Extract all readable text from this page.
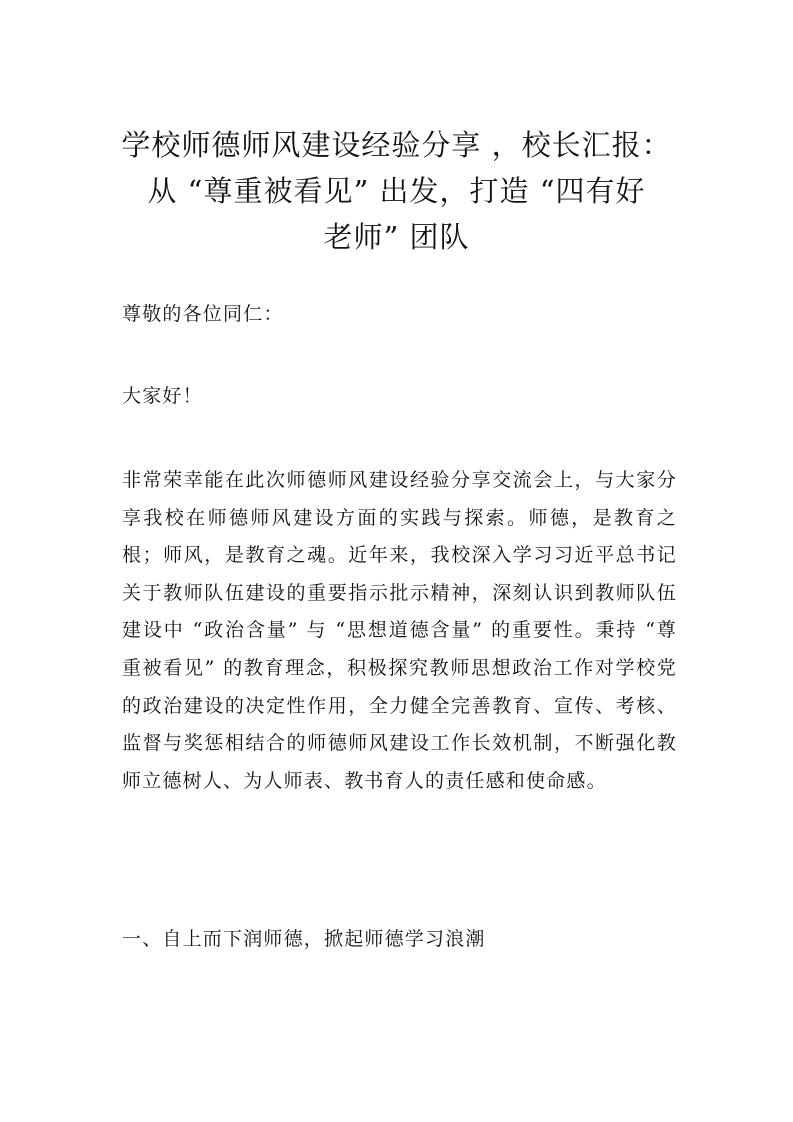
学校师德师风建设经验分享 ，校长汇报：
从 “尊重被看见” 出发，打造 “四有好
老师” 团队
尊敬的各位同仁：
大家好！
非常荣幸能在此次师德师风建设经验分享交流会上，与大家分享我校在师德师风建设方面的实践与探索。师德，是教育之根；师风，是教育之魂。近年来，我校深入学习习近平总书记关于教师队伍建设的重要指示批示精神，深刻认识到教师队伍建设中 “政治含量” 与 “思想道德含量” 的重要性。秉持 “尊重被看见” 的教育理念，积极探究教师思想政治工作对学校党的政治建设的决定性作用，全力健全完善教育、宣传、考核、监督与奖惩相结合的师德师风建设工作长效机制，不断强化教师立德树人、为人师表、教书育人的责任感和使命感。
一、自上而下润师德，掀起师德学习浪潮
